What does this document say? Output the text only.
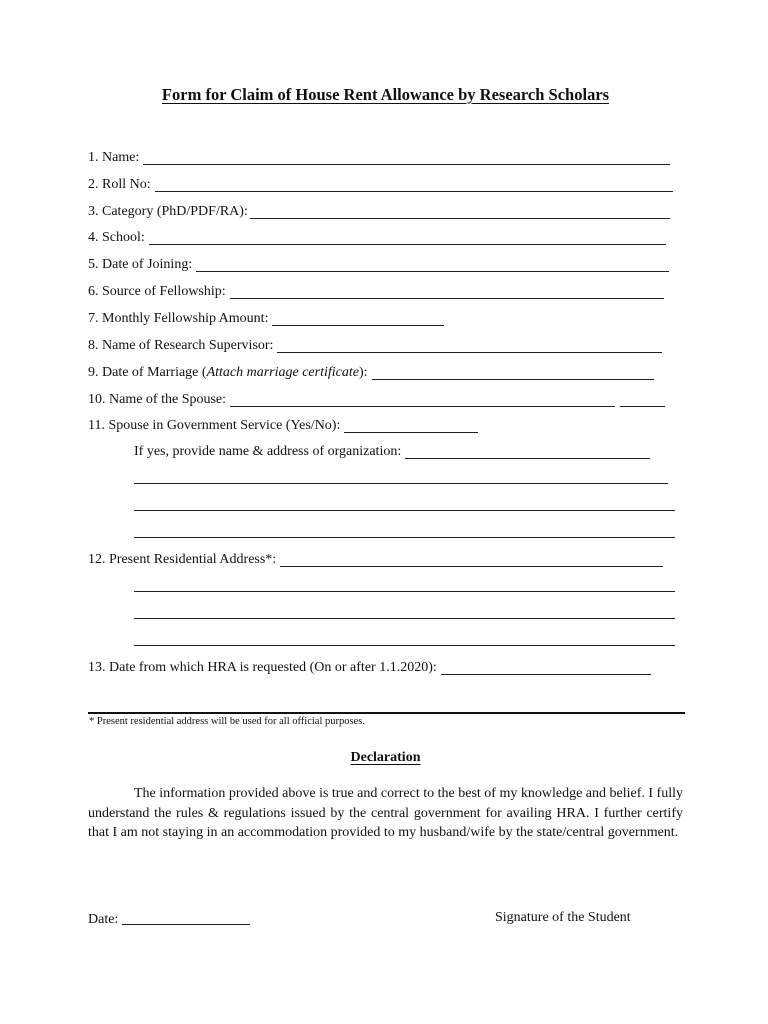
Form for Claim of House Rent Allowance by Research Scholars
1. Name:
2. Roll No:
3. Category (PhD/PDF/RA):
4. School:
5. Date of Joining:
6. Source of Fellowship:
7. Monthly Fellowship Amount:
8. Name of Research Supervisor:
9. Date of Marriage (Attach marriage certificate):
10. Name of the Spouse:
11. Spouse in Government Service (Yes/No):
If yes, provide name & address of organization:
12. Present Residential Address*:
13. Date from which HRA is requested (On or after 1.1.2020):
* Present residential address will be used for all official purposes.
Declaration
The information provided above is true and correct to the best of my knowledge and belief. I fully understand the rules & regulations issued by the central government for availing HRA. I further certify that I am not staying in an accommodation provided to my husband/wife by the state/central government.
Date:	Signature of the Student
